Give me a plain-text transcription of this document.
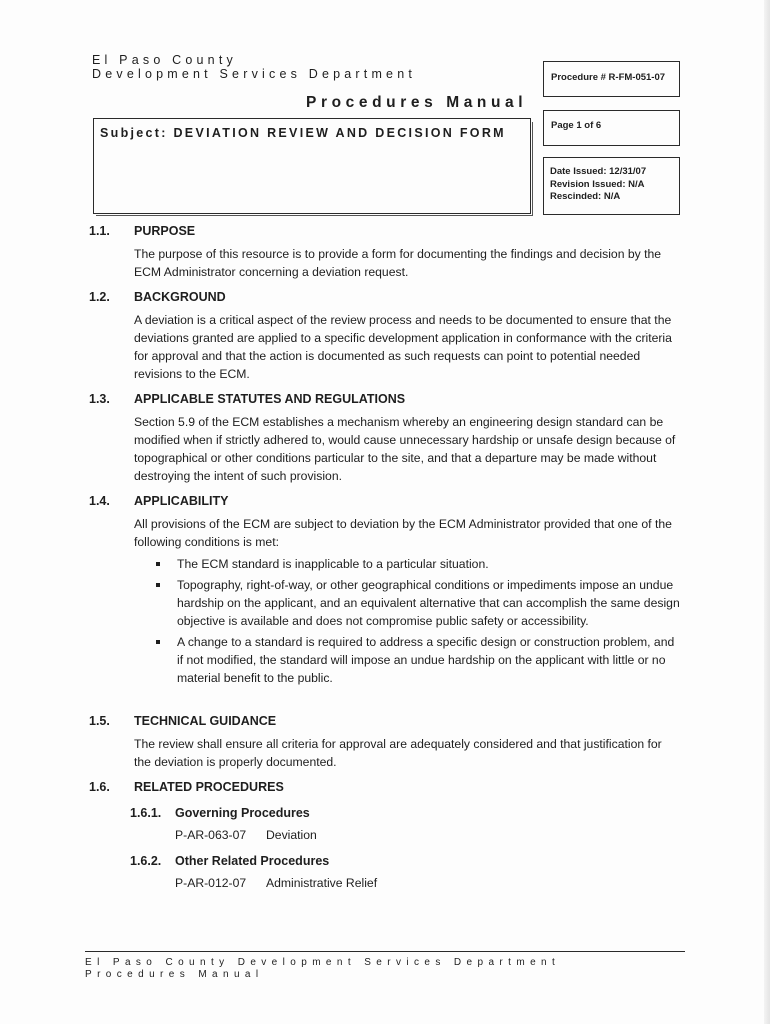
El Paso County
Development Services Department	Procedure # R-FM-051-07
Procedures Manual
Page 1 of 6
Date Issued: 12/31/07
Revision Issued: N/A
Rescinded: N/A
Subject: DEVIATION REVIEW AND DECISION FORM
1.1. PURPOSE
The purpose of this resource is to provide a form for documenting the findings and decision by the ECM Administrator concerning a deviation request.
1.2. BACKGROUND
A deviation is a critical aspect of the review process and needs to be documented to ensure that the deviations granted are applied to a specific development application in conformance with the criteria for approval and that the action is documented as such requests can point to potential needed revisions to the ECM.
1.3. APPLICABLE STATUTES AND REGULATIONS
Section 5.9 of the ECM establishes a mechanism whereby an engineering design standard can be modified when if strictly adhered to, would cause unnecessary hardship or unsafe design because of topographical or other conditions particular to the site, and that a departure may be made without destroying the intent of such provision.
1.4. APPLICABILITY
All provisions of the ECM are subject to deviation by the ECM Administrator provided that one of the following conditions is met:
The ECM standard is inapplicable to a particular situation.
Topography, right-of-way, or other geographical conditions or impediments impose an undue hardship on the applicant, and an equivalent alternative that can accomplish the same design objective is available and does not compromise public safety or accessibility.
A change to a standard is required to address a specific design or construction problem, and if not modified, the standard will impose an undue hardship on the applicant with little or no material benefit to the public.
1.5. TECHNICAL GUIDANCE
The review shall ensure all criteria for approval are adequately considered and that justification for the deviation is properly documented.
1.6. RELATED PROCEDURES
1.6.1. Governing Procedures
P-AR-063-07 Deviation
1.6.2. Other Related Procedures
P-AR-012-07 Administrative Relief
El Paso County Development Services Department
Procedures Manual
